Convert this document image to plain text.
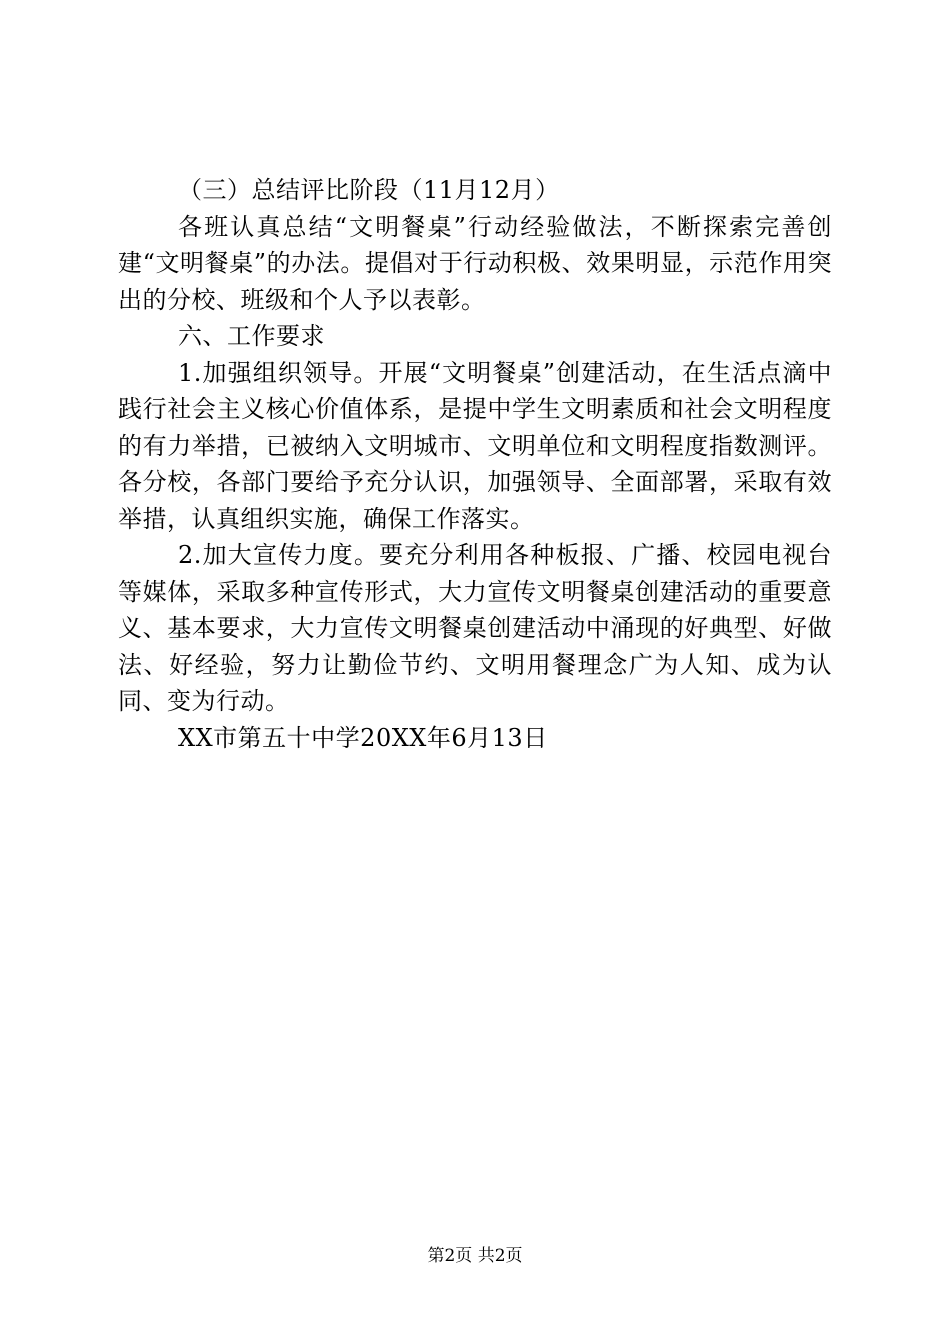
（三）总结评比阶段（11月12月）

各班认真总结“文明餐桌”行动经验做法，不断探索完善创建“文明餐桌”的办法。提倡对于行动积极、效果明显，示范作用突出的分校、班级和个人予以表彰。

六、工作要求

1.加强组织领导。开展“文明餐桌”创建活动，在生活点滴中践行社会主义核心价值体系，是提中学生文明素质和社会文明程度的有力举措，已被纳入文明城市、文明单位和文明程度指数测评。各分校，各部门要给予充分认识，加强领导、全面部署，采取有效举措，认真组织实施，确保工作落实。

2.加大宣传力度。要充分利用各种板报、广播、校园电视台等媒体，采取多种宣传形式，大力宣传文明餐桌创建活动的重要意义、基本要求，大力宣传文明餐桌创建活动中涌现的好典型、好做法、好经验，努力让勤俭节约、文明用餐理念广为人知、成为认同、变为行动。

XX市第五十中学20XX年6月13日

第2页 共2页
